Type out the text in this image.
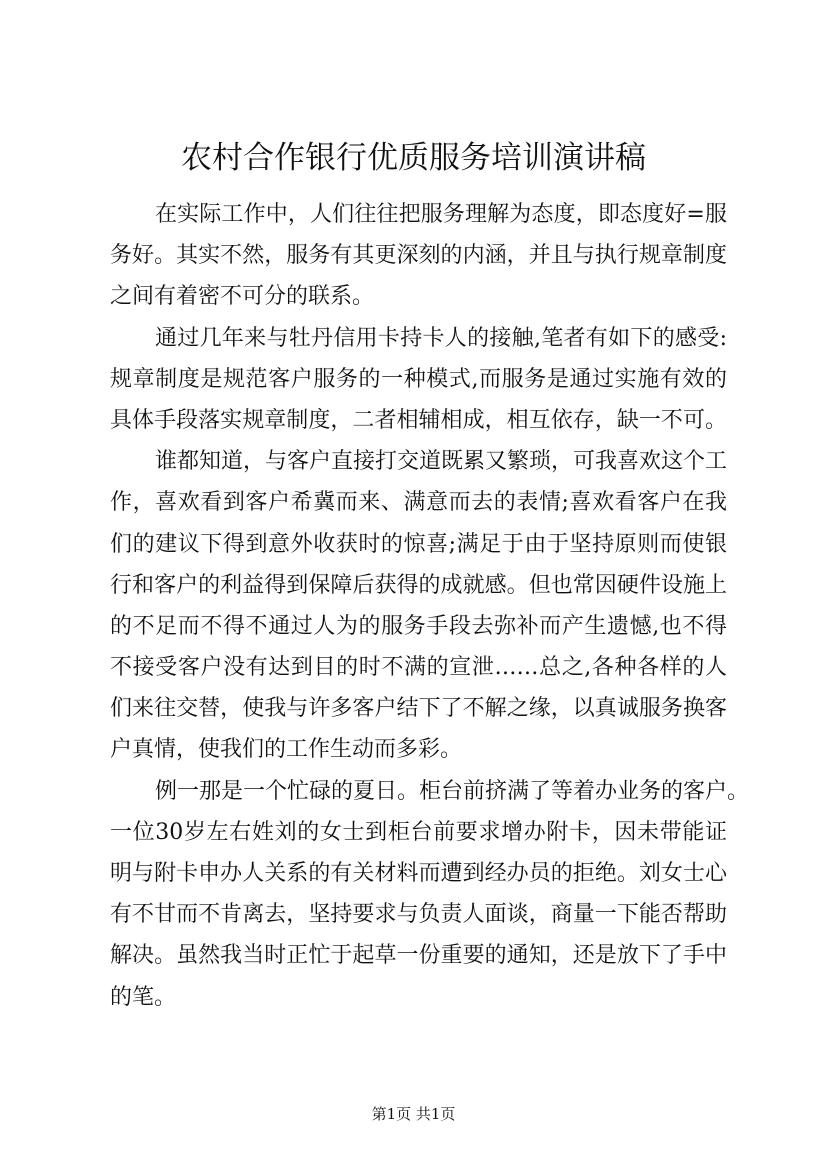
农村合作银行优质服务培训演讲稿
在实际工作中，人们往往把服务理解为态度，即态度好=服
务好。其实不然，服务有其更深刻的内涵，并且与执行规章制度
之间有着密不可分的联系。
通过几年来与牡丹信用卡持卡人的接触,笔者有如下的感受:
规章制度是规范客户服务的一种模式,而服务是通过实施有效的
具体手段落实规章制度，二者相辅相成，相互依存，缺一不可。
谁都知道，与客户直接打交道既累又繁琐，可我喜欢这个工
作，喜欢看到客户希冀而来、满意而去的表情;喜欢看客户在我
们的建议下得到意外收获时的惊喜;满足于由于坚持原则而使银
行和客户的利益得到保障后获得的成就感。但也常因硬件设施上
的不足而不得不通过人为的服务手段去弥补而产生遗憾,也不得
不接受客户没有达到目的时不满的宣泄……总之,各种各样的人
们来往交替，使我与许多客户结下了不解之缘，以真诚服务换客
户真情，使我们的工作生动而多彩。
例一那是一个忙碌的夏日。柜台前挤满了等着办业务的客户。
一位30岁左右姓刘的女士到柜台前要求增办附卡，因未带能证
明与附卡申办人关系的有关材料而遭到经办员的拒绝。刘女士心
有不甘而不肯离去，坚持要求与负责人面谈，商量一下能否帮助
解决。虽然我当时正忙于起草一份重要的通知，还是放下了手中
的笔。
第1页 共1页
